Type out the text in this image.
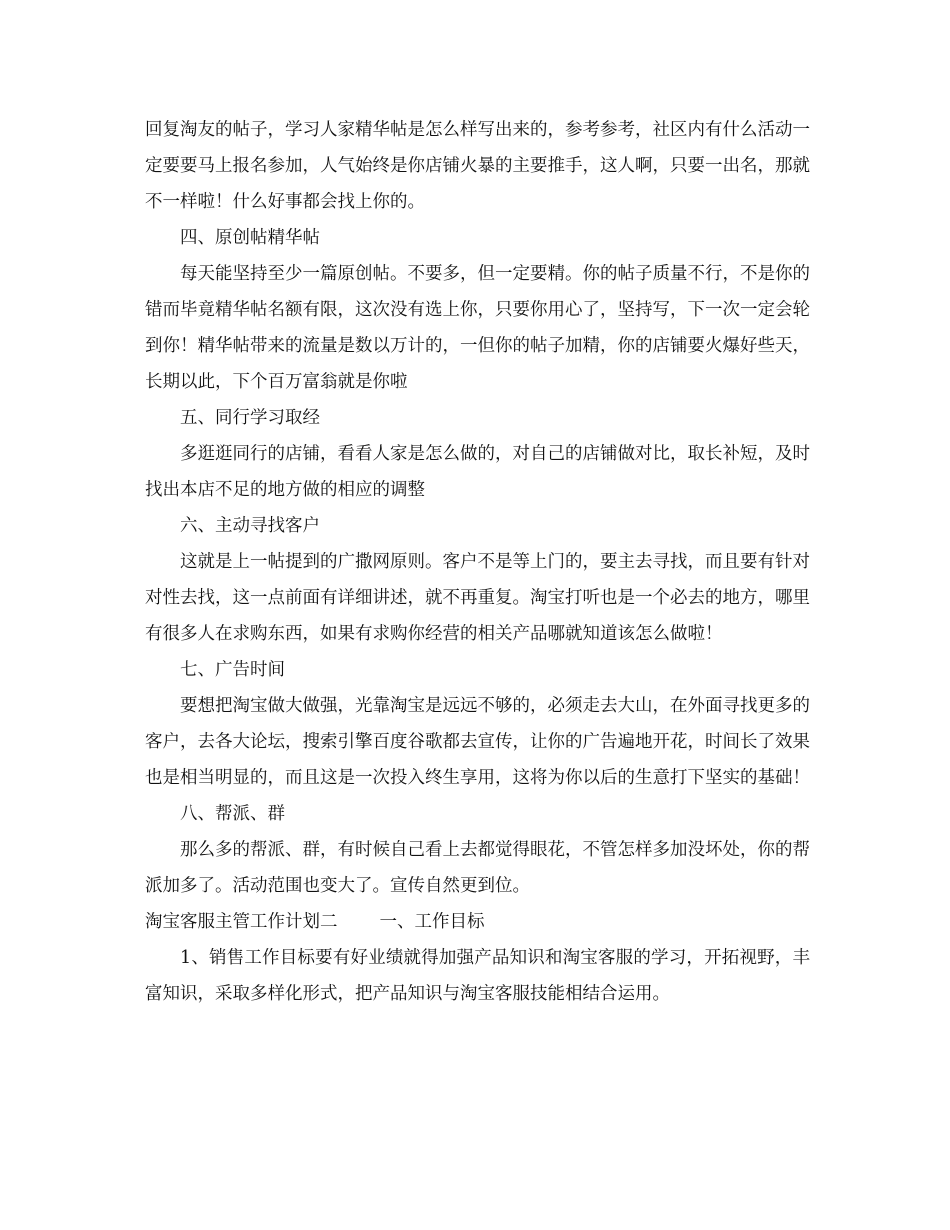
回复淘友的帖子，学习人家精华帖是怎么样写出来的，参考参考，社区内有什么活动一定要要马上报名参加，人气始终是你店铺火暴的主要推手，这人啊，只要一出名，那就不一样啦！什么好事都会找上你的。

四、原创帖精华帖

每天能坚持至少一篇原创帖。不要多，但一定要精。你的帖子质量不行，不是你的错而毕竟精华帖名额有限，这次没有选上你，只要你用心了，坚持写，下一次一定会轮到你！精华帖带来的流量是数以万计的，一但你的帖子加精，你的店铺要火爆好些天，长期以此，下个百万富翁就是你啦

五、同行学习取经

多逛逛同行的店铺，看看人家是怎么做的，对自己的店铺做对比，取长补短，及时找出本店不足的地方做的相应的调整

六、主动寻找客户

这就是上一帖提到的广撒网原则。客户不是等上门的，要主去寻找，而且要有针对对性去找，这一点前面有详细讲述，就不再重复。淘宝打听也是一个必去的地方，哪里有很多人在求购东西，如果有求购你经营的相关产品哪就知道该怎么做啦！

七、广告时间

要想把淘宝做大做强，光靠淘宝是远远不够的，必须走去大山，在外面寻找更多的客户，去各大论坛，搜索引擎百度谷歌都去宣传，让你的广告遍地开花，时间长了效果也是相当明显的，而且这是一次投入终生享用，这将为你以后的生意打下坚实的基础！

八、帮派、群

那么多的帮派、群，有时候自己看上去都觉得眼花，不管怎样多加没坏处，你的帮派加多了。活动范围也变大了。宣传自然更到位。

淘宝客服主管工作计划二 一、工作目标

1、销售工作目标要有好业绩就得加强产品知识和淘宝客服的学习，开拓视野，丰富知识，采取多样化形式，把产品知识与淘宝客服技能相结合运用。
